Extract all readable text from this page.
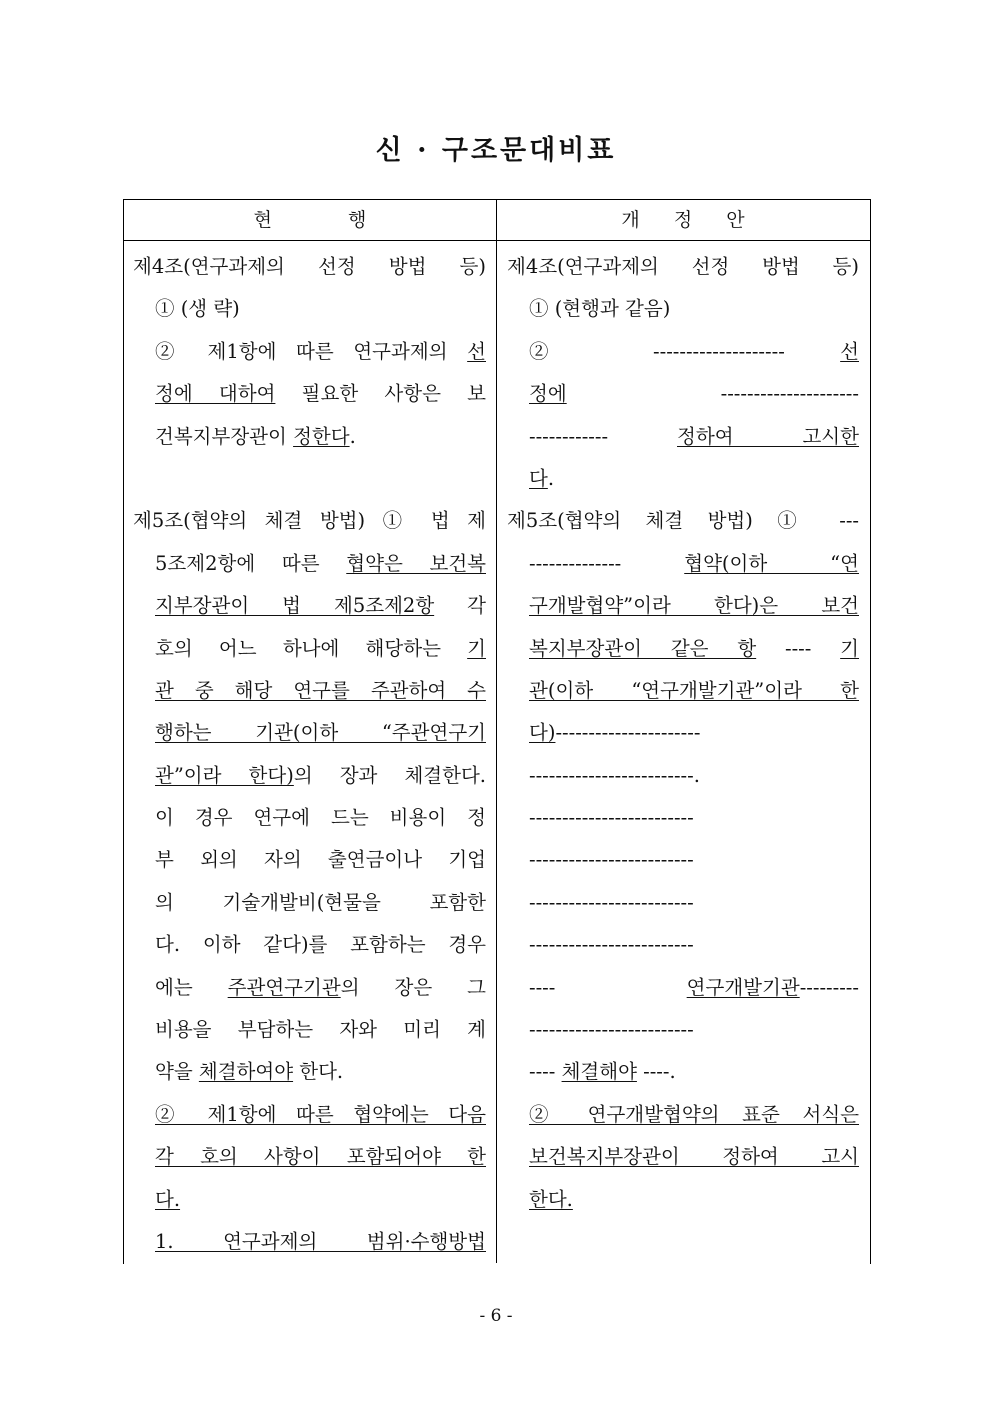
신 · 구조문대비표
현 행	개 정 안
제4조(연구과제의 선정 방법 등)
① (생 략)
② 제1항에 따른 연구과제의 선
정에 대하여 필요한 사항은 보
건복지부장관이 정한다.
제5조(협약의 체결 방법) ① 법 제
5조제2항에 따른 협약은 보건복
지부장관이 법 제5조제2항 각
호의 어느 하나에 해당하는 기
관 중 해당 연구를 주관하여 수
행하는 기관(이하 “주관연구기
관”이라 한다)의 장과 체결한다.
이 경우 연구에 드는 비용이 정
부 외의 자의 출연금이나 기업
의 기술개발비(현물을 포함한
다. 이하 같다)를 포함하는 경우
에는 주관연구기관의 장은 그
비용을 부담하는 자와 미리 계
약을 체결하여야 한다.
② 제1항에 따른 협약에는 다음
각 호의 사항이 포함되어야 한
다.
1. 연구과제의 범위·수행방법
제4조(연구과제의 선정 방법 등)
① (현행과 같음)
② -------------------- 선
정에 ---------------------
------------ 정하여 고시한
다.
제5조(협약의 체결 방법) ① ---
-------------- 협약(이하 “연
구개발협약”이라 한다)은 보건
복지부장관이 같은 항 ---- 기
관(이하 “연구개발기관”이라 한
다)----------------------
-------------------------.
-------------------------
-------------------------
-------------------------
-------------------------
---- 연구개발기관---------
-------------------------
---- 체결해야 ----.
② 연구개발협약의 표준 서식은
보건복지부장관이 정하여 고시
한다.
- 6 -
